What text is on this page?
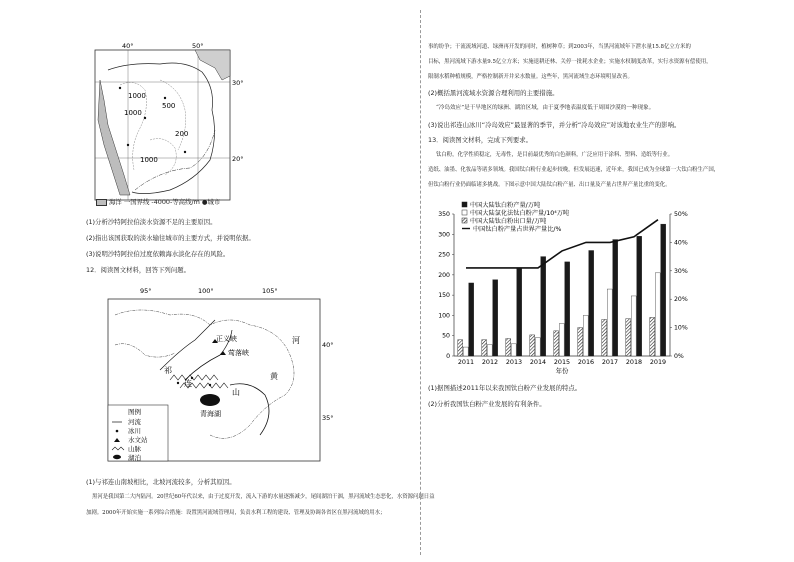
40°	50°
30°
20°
1000
500
1000
200
1000
海洋 一国界线 -4000-等高线/m ●城市
(1)分析沙特阿拉伯淡水资源不足的主要原因。
(2)指出该国获取的淡水输往城市的主要方式，并说明依据。
(3)说明沙特阿拉伯过度依赖海水淡化存在的风险。
12．阅读图文材料，回答下列问题。
95°	100°	105°
40°
35°
正义峡
莺落峡
祁
连
山
河
黄
青海湖
图例
河流
冰川
水文站
山脉
湖泊
(1)与祁连山南坡相比，北坡河流较多，分析其原因。
黑河是我国第二大内陆河。20世纪60年代以来，由于过度开发，流入下游的水量逐渐减少，尾闾湖泊干涸，黑河流域生态恶化，水资源问题日益
加剧。2000年开始实施一系列综合措施：设置黑河流域管理局，负责水利工程的建设、管理及协调各省区在黑河流域的用水；
事的纷争；干流流域河道、绿洲再开发的同时，植树种草；到2003年，当黑河流域年下泄水量15.8亿立方米的
目标，黑河流域下游水量9.5亿立方米；实施退耕还林、关停一批耗水企业；实施水权制度改革，实行水资源有偿使用，
限制水稻种植规模，严格控制新开井采水数量。这些年，黑河流域生态环境明显改善。
(2)概括黑河流域水资源合理利用的主要措施。
“冷岛效应”是干旱地区的绿洲、湖泊区域，由于夏季地表温度低于周围沙漠的一种现象。
(3)说出祁连山冰川“冷岛效应”最显著的季节，并分析“冷岛效应”对该地农业生产的影响。
13．阅读图文材料，完成下列要求。
钛白粉，化学性质稳定，无毒性，是目前最优秀的白色颜料，广泛应用于涂料、塑料、造纸等行业。
造纸、油墨、化妆品等诸多领域。我国钛白粉行业起步较晚，但发展迅速，近年来，我国已成为全球第一大钛白粉生产国，
但钛白粉行业仍面临诸多挑战。下图示意中国大陆钛白粉产量、出口量及产量占世界产量比重的变化。
0
50
100
150
200
250
300
350
0%
10%
20%
30%
40%
50%
2011 2012 2013 2014 2015 2016 2017 2018 2019
年份
中国大陆钛白粉产量/万吨
中国大陆氯化法钛白粉产量/10⁴万吨
中国大陆钛白粉出口量/万吨
中国钛白粉产量占世界产量比/%
(1)据图描述2011年以来我国钛白粉产业发展的特点。
(2)分析我国钛白粉产业发展的有利条件。
